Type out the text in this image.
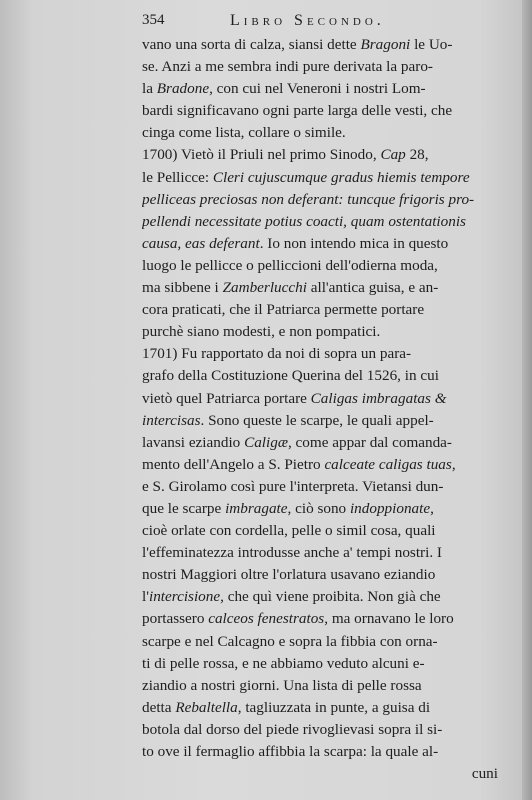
354	Libro Secondo.
vano una sorta di calza, siansi dette Bragoni le Uo-
se. Anzi a me sembra indi pure derivata la paro-
la Bradone, con cui nel Veneroni i nostri Lom-
bardi significavano ogni parte larga delle vesti, che
cinga come lista, collare o simile.
1700) Vietò il Priuli nel primo Sinodo, Cap 28,
le Pellicce: Cleri cujuscumque gradus hiemis tempore
pelliceas preciosas non deferant: tuncque frigoris pro-
pellendi necessitate potius coacti, quam ostentationis
causa, eas deferant. Io non intendo mica in questo
luogo le pellicce o pelliccioni dell'odierna moda,
ma sibbene i Zamberlucchi all'antica guisa, e an-
cora praticati, che il Patriarca permette portare
purchè siano modesti, e non pompatici.
1701) Fu rapportato da noi di sopra un para-
grafo della Costituzione Querina del 1526, in cui
vietò quel Patriarca portare Caligas imbragatas &
intercisas. Sono queste le scarpe, le quali appel-
lavansi eziandio Caligæ, come appar dal comanda-
mento dell'Angelo a S. Pietro calceate caligas tuas,
e S. Girolamo così pure l'interpreta. Vietansi dun-
que le scarpe imbragate, ciò sono indoppionate,
cioè orlate con cordella, pelle o simil cosa, quali
l'effeminatezza introdusse anche a' tempi nostri. I
nostri Maggiori oltre l'orlatura usavano eziandio
l'intercisione, che quì viene proibita. Non già che
portassero calceos fenestratos, ma ornavano le loro
scarpe e nel Calcagno e sopra la fibbia con orna-
ti di pelle rossa, e ne abbiamo veduto alcuni e-
ziandio a nostri giorni. Una lista di pelle rossa
detta Rebaltella, tagliuzzata in punte, a guisa di
botola dal dorso del piede rivoglievasi sopra il si-
to ove il fermaglio affibbia la scarpa: la quale al-
cuni
